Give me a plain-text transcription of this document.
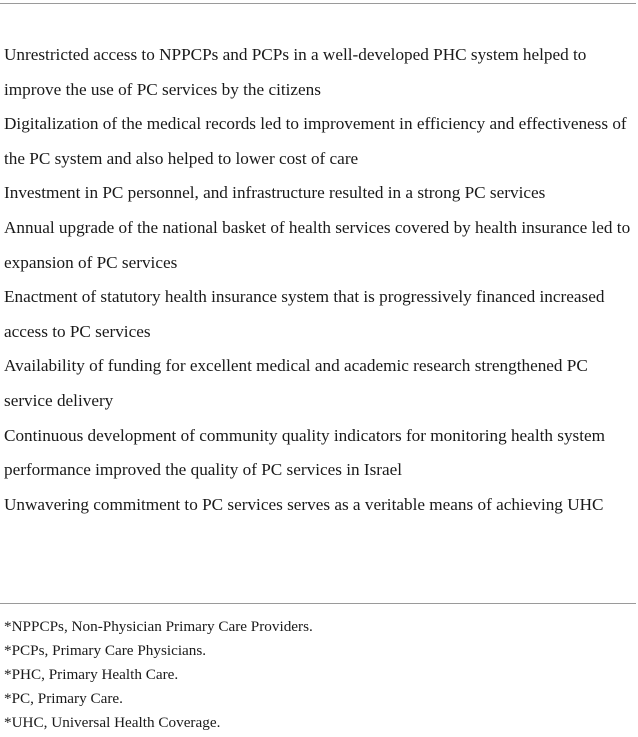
Unrestricted access to NPPCPs and PCPs in a well-developed PHC system helped to improve the use of PC services by the citizens

Digitalization of the medical records led to improvement in efficiency and effectiveness of the PC system and also helped to lower cost of care

Investment in PC personnel, and infrastructure resulted in a strong PC services

Annual upgrade of the national basket of health services covered by health insurance led to expansion of PC services

Enactment of statutory health insurance system that is progressively financed increased access to PC services

Availability of funding for excellent medical and academic research strengthened PC service delivery

Continuous development of community quality indicators for monitoring health system performance improved the quality of PC services in Israel

Unwavering commitment to PC services serves as a veritable means of achieving UHC

*NPPCPs, Non-Physician Primary Care Providers.

*PCPs, Primary Care Physicians.

*PHC, Primary Health Care.

*PC, Primary Care.

*UHC, Universal Health Coverage.
